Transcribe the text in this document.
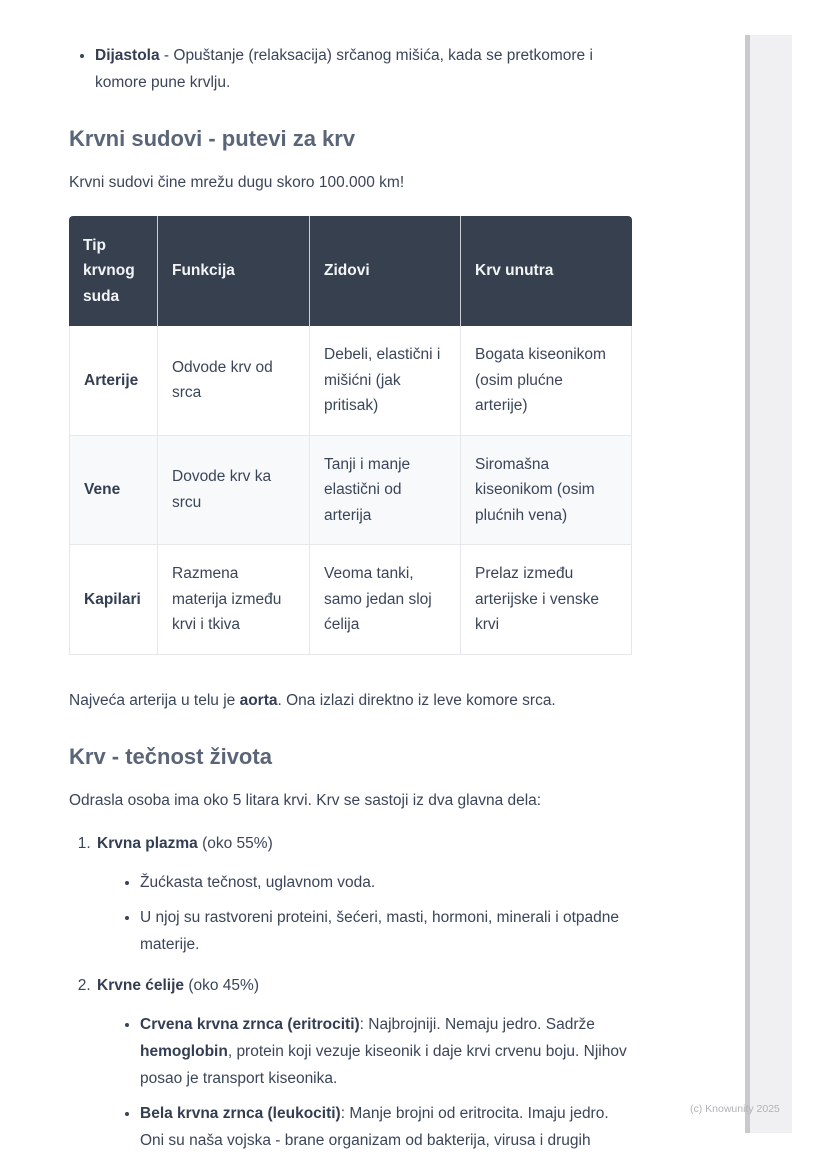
(c) Knowunity 2025
• Dijastola - Opuštanje (relaksacija) srčanog mišića, kada se pretkomore i komore pune krvlju.
Krvni sudovi - putevi za krv

Krvni sudovi čine mrežu dugu skoro 100.000 km!

Tip krvnog suda	Funkcija	Zidovi	Krv unutra
Arterije	Odvode krv od srca	Debeli, elastični i mišićni (jak pritisak)	Bogata kiseonikom (osim plućne arterije)
Vene	Dovode krv ka srcu	Tanji i manje elastični od arterija	Siromašna kiseonikom (osim plućnih vena)
Kapilari	Razmena materija između krvi i tkiva	Veoma tanki, samo jedan sloj ćelija	Prelaz između arterijske i venske krvi

Najveća arterija u telu je aorta. Ona izlazi direktno iz leve komore srca.

Krv - tečnost života

Odrasla osoba ima oko 5 litara krvi. Krv se sastoji iz dva glavna dela:

1. Krvna plazma (oko 55%)
• Žućkasta tečnost, uglavnom voda.
• U njoj su rastvoreni proteini, šećeri, masti, hormoni, minerali i otpadne materije.
2. Krvne ćelije (oko 45%)
• Crvena krvna zrnca (eritrociti): Najbrojniji. Nemaju jedro. Sadrže hemoglobin, protein koji vezuje kiseonik i daje krvi crvenu boju. Njihov posao je transport kiseonika.
• Bela krvna zrnca (leukociti): Manje brojni od eritrocita. Imaju jedro. Oni su naša vojska - brane organizam od bakterija, virusa i drugih
